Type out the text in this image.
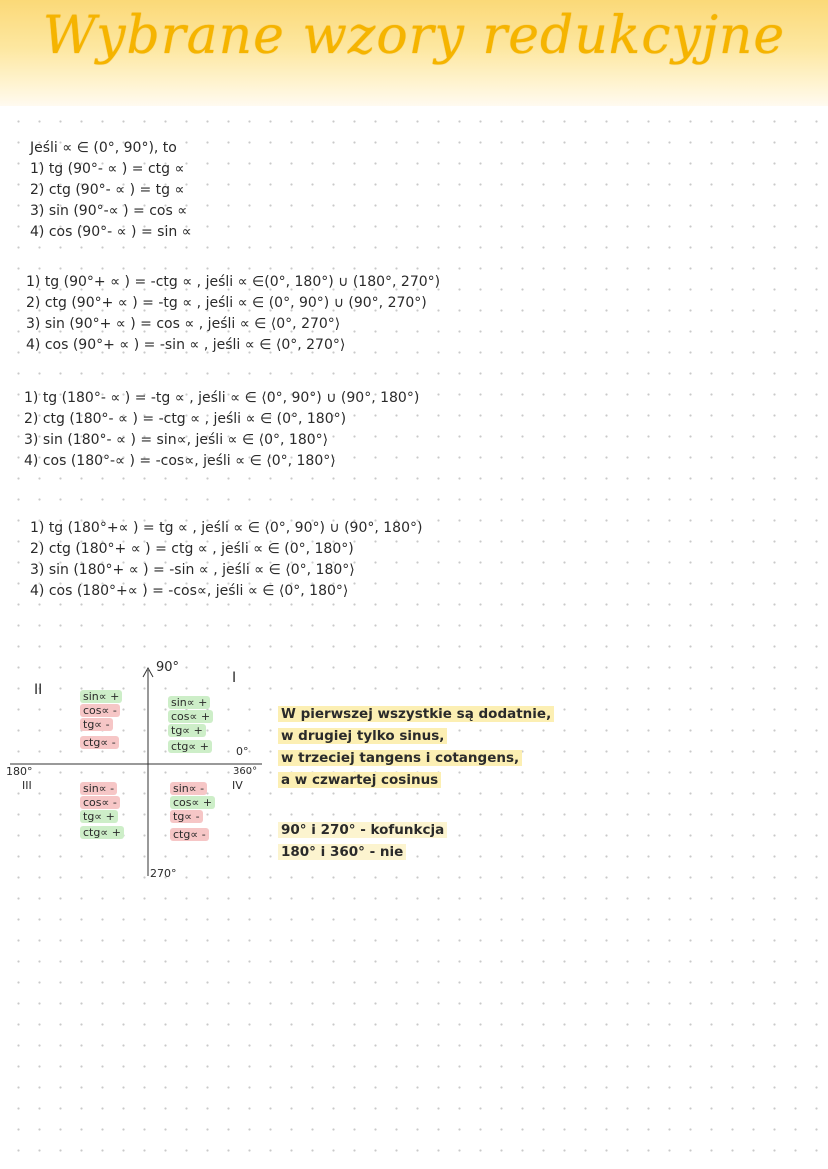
Wybrane wzory redukcyjne
Jeśli ∝ ∈ (0°, 90°), to
1) tg (90°- ∝ ) = ctg ∝
2) ctg (90°- ∝ ) = tg ∝
3) sin (90°-∝ ) = cos ∝
4) cos (90°- ∝ ) = sin ∝
1) tg (90°+ ∝ ) = -ctg ∝ , jeśli ∝ ∈(0°, 180°) ∪ (180°, 270°)
2) ctg (90°+ ∝ ) = -tg ∝ , jeśli ∝ ∈ (0°, 90°) ∪ (90°, 270°)
3) sin (90°+ ∝ ) = cos ∝ , jeśli ∝ ∈ ⟨0°, 270°⟩
4) cos (90°+ ∝ ) = -sin ∝ , jeśli ∝ ∈ ⟨0°, 270°⟩
1) tg (180°- ∝ ) = -tg ∝ , jeśli ∝ ∈ ⟨0°, 90°) ∪ (90°, 180°)
2) ctg (180°- ∝ ) = -ctg ∝ , jeśli ∝ ∈ (0°, 180°)
3) sin (180°- ∝ ) = sin∝, jeśli ∝ ∈ ⟨0°, 180°⟩
4) cos (180°-∝ ) = -cos∝, jeśli ∝ ∈ ⟨0°, 180°⟩
1) tg (180°+∝ ) = tg ∝ , jeśli ∝ ∈ ⟨0°, 90°) ∪ (90°, 180°)
2) ctg (180°+ ∝ ) = ctg ∝ , jeśli ∝ ∈ (0°, 180°)
3) sin (180°+ ∝ ) = -sin ∝ , jeśli ∝ ∈ ⟨0°, 180°⟩
4) cos (180°+∝ ) = -cos∝, jeśli ∝ ∈ ⟨0°, 180°⟩
90°
270°
180°
0°
360°
I
II
III	IV
sin∝ +
cos∝ -
tg∝ -
ctg∝ -
sin∝ +
cos∝ +
tg∝ +
ctg∝ +
sin∝ -
cos∝ -
tg∝ +
ctg∝ +
sin∝ -
cos∝ +
tg∝ -
ctg∝ -
W pierwszej wszystkie są dodatnie,
w drugiej tylko sinus,
w trzeciej tangens i cotangens,
a w czwartej cosinus
90° i 270° - kofunkcja
180° i 360° - nie
